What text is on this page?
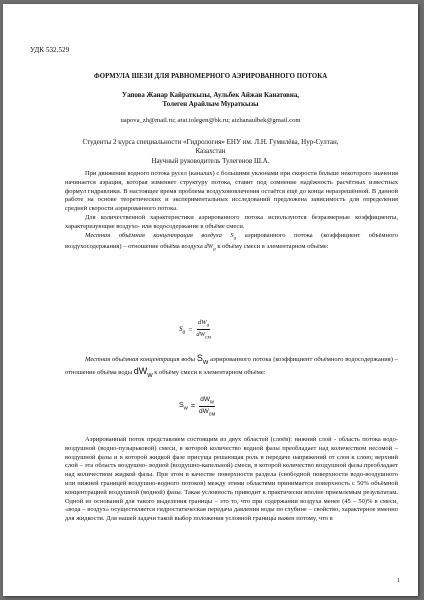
УДК 532.529
ФОРМУЛА ШЕЗИ ДЛЯ РАВНОМЕРНОГО АЭРИРОВАННОГО ПОТОКА
Уапова Жанар Кайраткызы, Аульбек Айжан Канатовна,
Толеген Арайлым Мураткызы
uapova_zh@mail.ru; arai.tolegen@bk.ru; aizhanaulbek@gmail.com
Студенты 2 курса специальности «Гидрология» ЕНУ им. Л.Н. Гумилёва, Нур-Султан,
Казахстан
Научный руководитель Тулегенов Ш.А.

При движении водного потока русел (каналах) с большими уклонами при скорости больше некоторого значения начинается аэрация, которая изменяет структуру потока, ставит под сомнение надёжность расчётных известных формул гидравлики. В настоящее время проблема воздухововлечения остаётся ещё до конца неразрешённой. В данной работе на основе теоретических и экспериментальных исследований предложена зависимость для определения средней скорости аэрированного потока.

Для количественной характеристики аэрированного потока используются безразмерные коэффициенты, характеризующие воздухо- или водосодержание в объёме смеси.

Местная объёмная концентрация воздуха $S_a$ аэрированного потока (коэффициент объёмного воздухосодержания) – отношение объёма воздуха $dW_a$ к объёму смеси в элементарном объёме:

$S_a = \frac{dW_a}{dW_{см}}$

Местная объёмная концентрация воды $S_w$ аэрированного потока (коэффициент объёмного водосодержания) – отношение объёма воды $dW_w$ к объёму смеси в элементарном объёме:

$S_w = \frac{dW_w}{dW_{см}}$

Аэрированный поток представляем состоящим из двух областей (слоёв): нижний слой - область потока водо-воздушной (водно-пузырьковой) смеси, в которой количество водной фазы преобладает над количеством несомой – воздушной фазы и в которой жидкой фазе присуща решающая роль в передаче напряжений от слоя к слою; верхний слой – эта область воздушно- водной (воздушно-капельной) смеси, в которой количество воздушной фазы преобладает над количеством жидкой фазы. При этом в качестве поверхности раздела (свободной поверхности водо-воздушного или нижней границей воздушно-водного потоков) между этими областями принимается поверхность с 50% объёмной концентрацией воздушной (водной) фазы. Такая условность приводит к практически вполне приемлемым результатам. Одной из оснований для такого выделения границы – это то, что при содержании воздуха менее (45 – 50)% в смеси, «вода – воздух» осуществляется гидростатическая передача давления воды по глубине – свойство, характерное именно для жидкости. Для нашей задачи такой выбор положения условной границы важен потому, что в

1
